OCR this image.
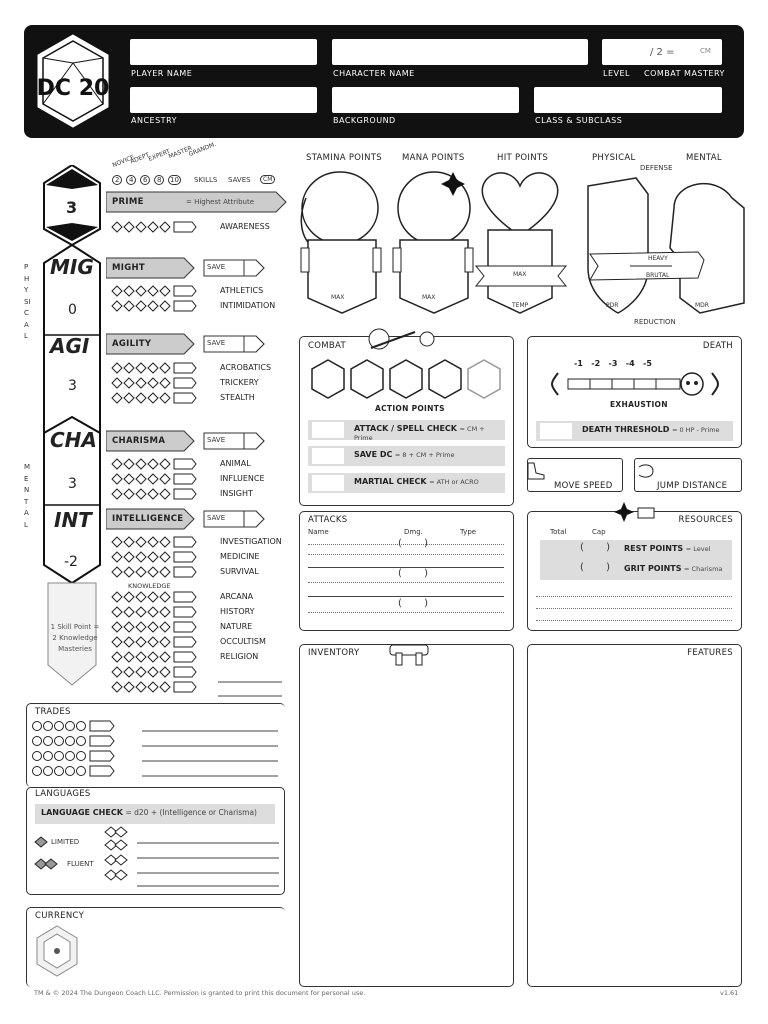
DC 20
PLAYER NAME	CHARACTER NAME
/ 2 =	CM
LEVEL COMBAT MASTERY
ANCESTRY	BACKGROUND	CLASS & SUBCLASS
NOVICE
ADEPT
EXPERT
MASTER
GRANDM.
2	4	6	8	10 SKILLS SAVES	CM
3
PHYSICAL
MENTAL
MIG
0
AGI
3
CHA
3
INT
-2
1 Skill Point =
2 Knowledge
Masteries
PRIME	= Highest Attribute
AWARENESS
MIGHT	SAVE
ATHLETICS
INTIMIDATION
AGILITY	SAVE
ACROBATICS
TRICKERY
STEALTH
CHARISMA	SAVE
ANIMAL
INFLUENCE
INSIGHT
INTELLIGENCE	SAVE
INVESTIGATION
MEDICINE
SURVIVAL
KNOWLEDGE
ARCANA
HISTORY
NATURE
OCCULTISM
RELIGION
STAMINA POINTS MANA POINTS	HIT POINTS	PHYSICAL	MENTAL
DEFENSE
MAX	MAX
MAX
TEMP
HEAVY
BRUTAL
PDR	MDR
REDUCTION
COMBAT
ACTION POINTS
ATTACK / SPELL CHECK = CM + Prime
SAVE DC = 8 + CM + Prime
MARTIAL CHECK = ATH or ACRO
DEATH
-1 -2 -3 -4 -5
EXHAUSTION
DEATH THRESHOLD = 0 HP - Prime
MOVE SPEED	JUMP DISTANCE
ATTACKS
Name	Dmg.	Type
(       )
(       )
(       )
RESOURCES
Total	Cap
(       ) REST POINTS = Level
(       ) GRIT POINTS = Charisma
INVENTORY	FEATURES
TRADES
LANGUAGES
LANGUAGE CHECK = d20 + (Intelligence or Charisma)
LIMITED
FLUENT
CURRENCY
TM & © 2024 The Dungeon Coach LLC. Permission is granted to print this document for personal use.	v1.61
